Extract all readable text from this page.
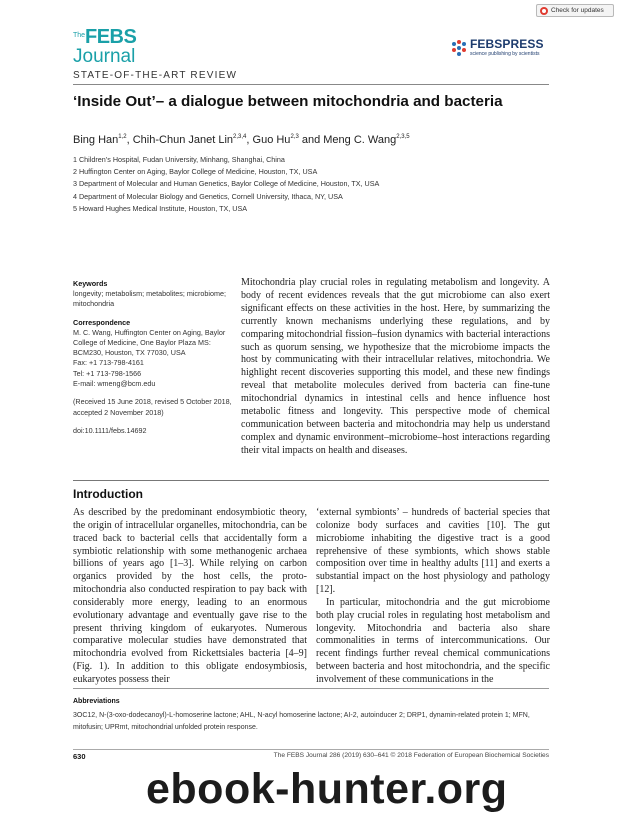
Check for updates
The FEBS
Journal
FEBSPRESS
science publishing by scientists
STATE-OF-THE-ART REVIEW
‘Inside Out’– a dialogue between mitochondria and bacteria
Bing Han$^{1,2}$, Chih-Chun Janet Lin$^{2,3,4}$, Guo Hu$^{2,3}$ and Meng C. Wang$^{2,3,5}$
1 Children’s Hospital, Fudan University, Minhang, Shanghai, China
2 Huffington Center on Aging, Baylor College of Medicine, Houston, TX, USA
3 Department of Molecular and Human Genetics, Baylor College of Medicine, Houston, TX, USA
4 Department of Molecular Biology and Genetics, Cornell University, Ithaca, NY, USA
5 Howard Hughes Medical Institute, Houston, TX, USA
Keywords
longevity; metabolism; metabolites; microbiome; mitochondria
Correspondence
M. C. Wang, Huffington Center on Aging, Baylor College of Medicine, One Baylor Plaza MS: BCM230, Houston, TX 77030, USA
Fax: +1 713-798-4161
Tel: +1 713-798-1566
E-mail: wmeng@bcm.edu
(Received 15 June 2018, revised 5 October 2018, accepted 2 November 2018)
doi:10.1111/febs.14692

Mitochondria play crucial roles in regulating metabolism and longevity. A body of recent evidences reveals that the gut microbiome can also exert significant effects on these activities in the host. Here, by summarizing the currently known mechanisms underlying these regulations, and by comparing mitochondrial fission–fusion dynamics with bacterial interactions such as quorum sensing, we hypothesize that the microbiome impacts the host by communicating with their intracellular relatives, mitochondria. We highlight recent discoveries supporting this model, and these new findings reveal that metabolite molecules derived from bacteria can fine-tune mitochondrial dynamics in intestinal cells and hence influence host metabolic fitness and longevity. This perspective mode of chemical communication between bacteria and mitochondria may help us understand complex and dynamic environment–microbiome–host interactions regarding their vital impacts on health and diseases.

Introduction

As described by the predominant endosymbiotic theory, the origin of intracellular organelles, mitochondria, can be traced back to bacterial cells that accidentally form a symbiotic relationship with some methanogenic archaea billions of years ago [1–3]. While relying on carbon organics provided by the host cells, the proto-mitochondria also conducted respiration to pay back with considerably more energy, leading to an enormous evolutionary advantage and eventually gave rise to the present thriving kingdom of eukaryotes. Numerous comparative molecular studies have demonstrated that mitochondria evolved from Rickettsiales bacteria [4–9] (Fig. 1). In addition to this obligate endosymbiosis, eukaryotes possess their

‘external symbionts’ – hundreds of bacterial species that colonize body surfaces and cavities [10]. The gut microbiome inhabiting the digestive tract is a good reprehensive of these symbionts, which shows stable composition over time in healthy adults [11] and exerts a substantial impact on the host physiology and pathology [12].

In particular, mitochondria and the gut microbiome both play crucial roles in regulating host metabolism and longevity. Mitochondria and bacteria also share commonalities in terms of intercommunications. Our recent findings further reveal chemical communications between bacteria and host mitochondria, and the specific involvement of these communications in the

Abbreviations
3OC12, N-(3-oxo-dodecanoyl)-L-homoserine lactone; AHL, N-acyl homoserine lactone; AI-2, autoinducer 2; DRP1, dynamin-related protein 1; MFN, mitofusin; UPRmt, mitochondrial unfolded protein response.
630	The FEBS Journal 286 (2019) 630–641 © 2018 Federation of European Biochemical Societies
ebook-hunter.org
